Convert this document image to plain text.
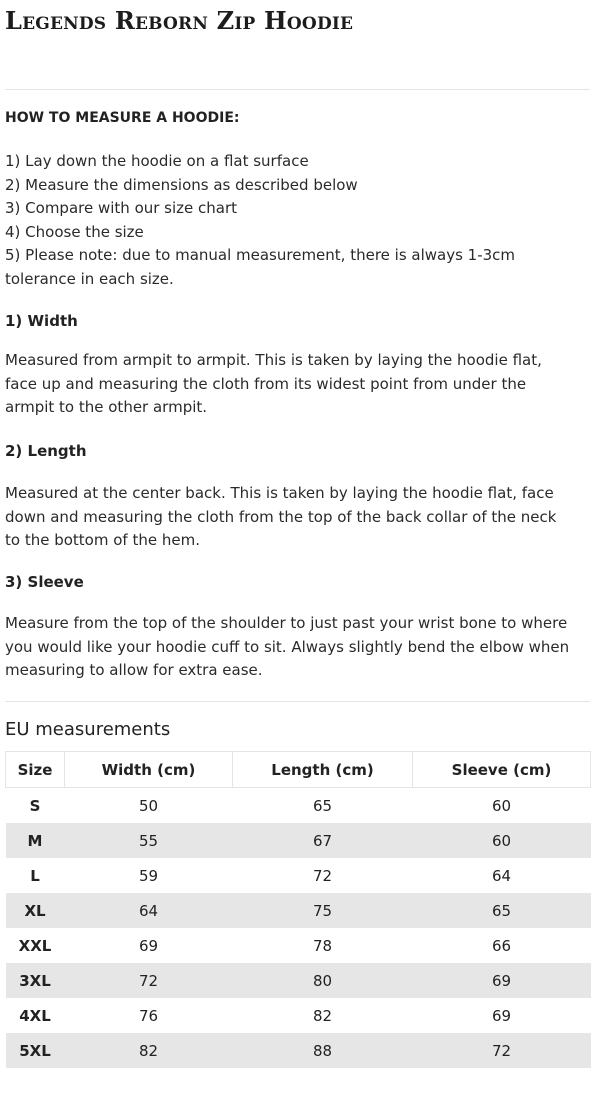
Legends Reborn Zip Hoodie

HOW TO MEASURE A HOODIE:

1) Lay down the hoodie on a flat surface
2) Measure the dimensions as described below
3) Compare with our size chart
4) Choose the size
5) Please note: due to manual measurement, there is always 1-3cm
tolerance in each size.

1) Width

Measured from armpit to armpit. This is taken by laying the hoodie flat,
face up and measuring the cloth from its widest point from under the
armpit to the other armpit.

2) Length

Measured at the center back. This is taken by laying the hoodie flat, face
down and measuring the cloth from the top of the back collar of the neck
to the bottom of the hem.

3) Sleeve

Measure from the top of the shoulder to just past your wrist bone to where
you would like your hoodie cuff to sit. Always slightly bend the elbow when
measuring to allow for extra ease.

EU measurements

Size	Width (cm)	Length (cm)	Sleeve (cm)
S	50	65	60
M	55	67	60
L	59	72	64
XL	64	75	65
XXL	69	78	66
3XL	72	80	69
4XL	76	82	69
5XL	82	88	72
